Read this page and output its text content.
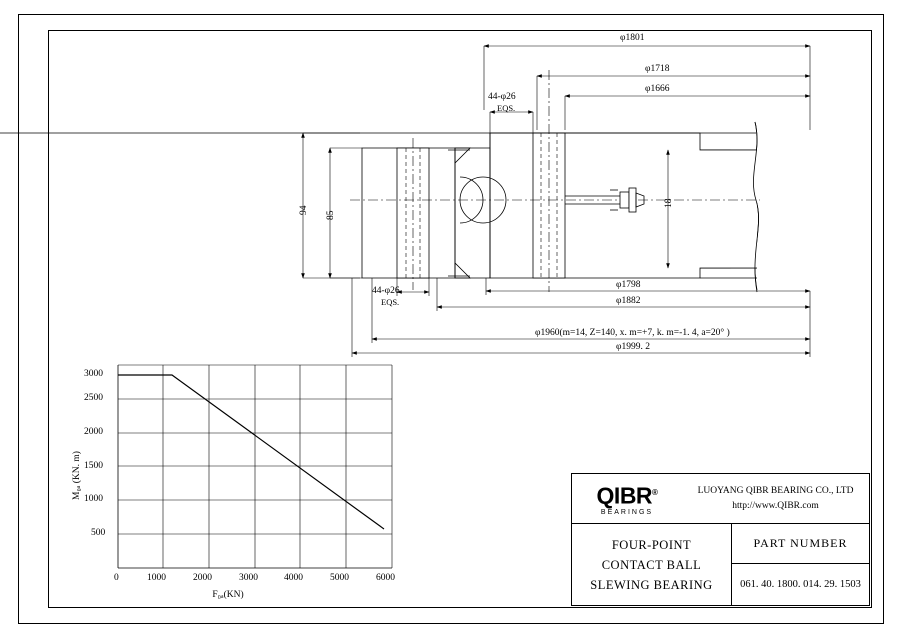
φ1801
φ1718
φ1666
44-φ26
EQS.
44-φ26
EQS.
φ1798
φ1882
φ1960(m=14, Z=140, x. m=+7, k. m=-1. 4, a=20° )
φ1999. 2
94
85
18
3000
2500
2000
1500
1000
500
0	1000	2000	3000	4000	5000	6000
F₀ₐ(KN)
M₀ₐ (KN. m)	QIBR®
BEARINGS
LUOYANG QIBR BEARING CO., LTD
http://www.QIBR.com
FOUR-POINT
CONTACT BALL
SLEWING BEARING
PART NUMBER
061. 40. 1800. 014. 29. 1503
